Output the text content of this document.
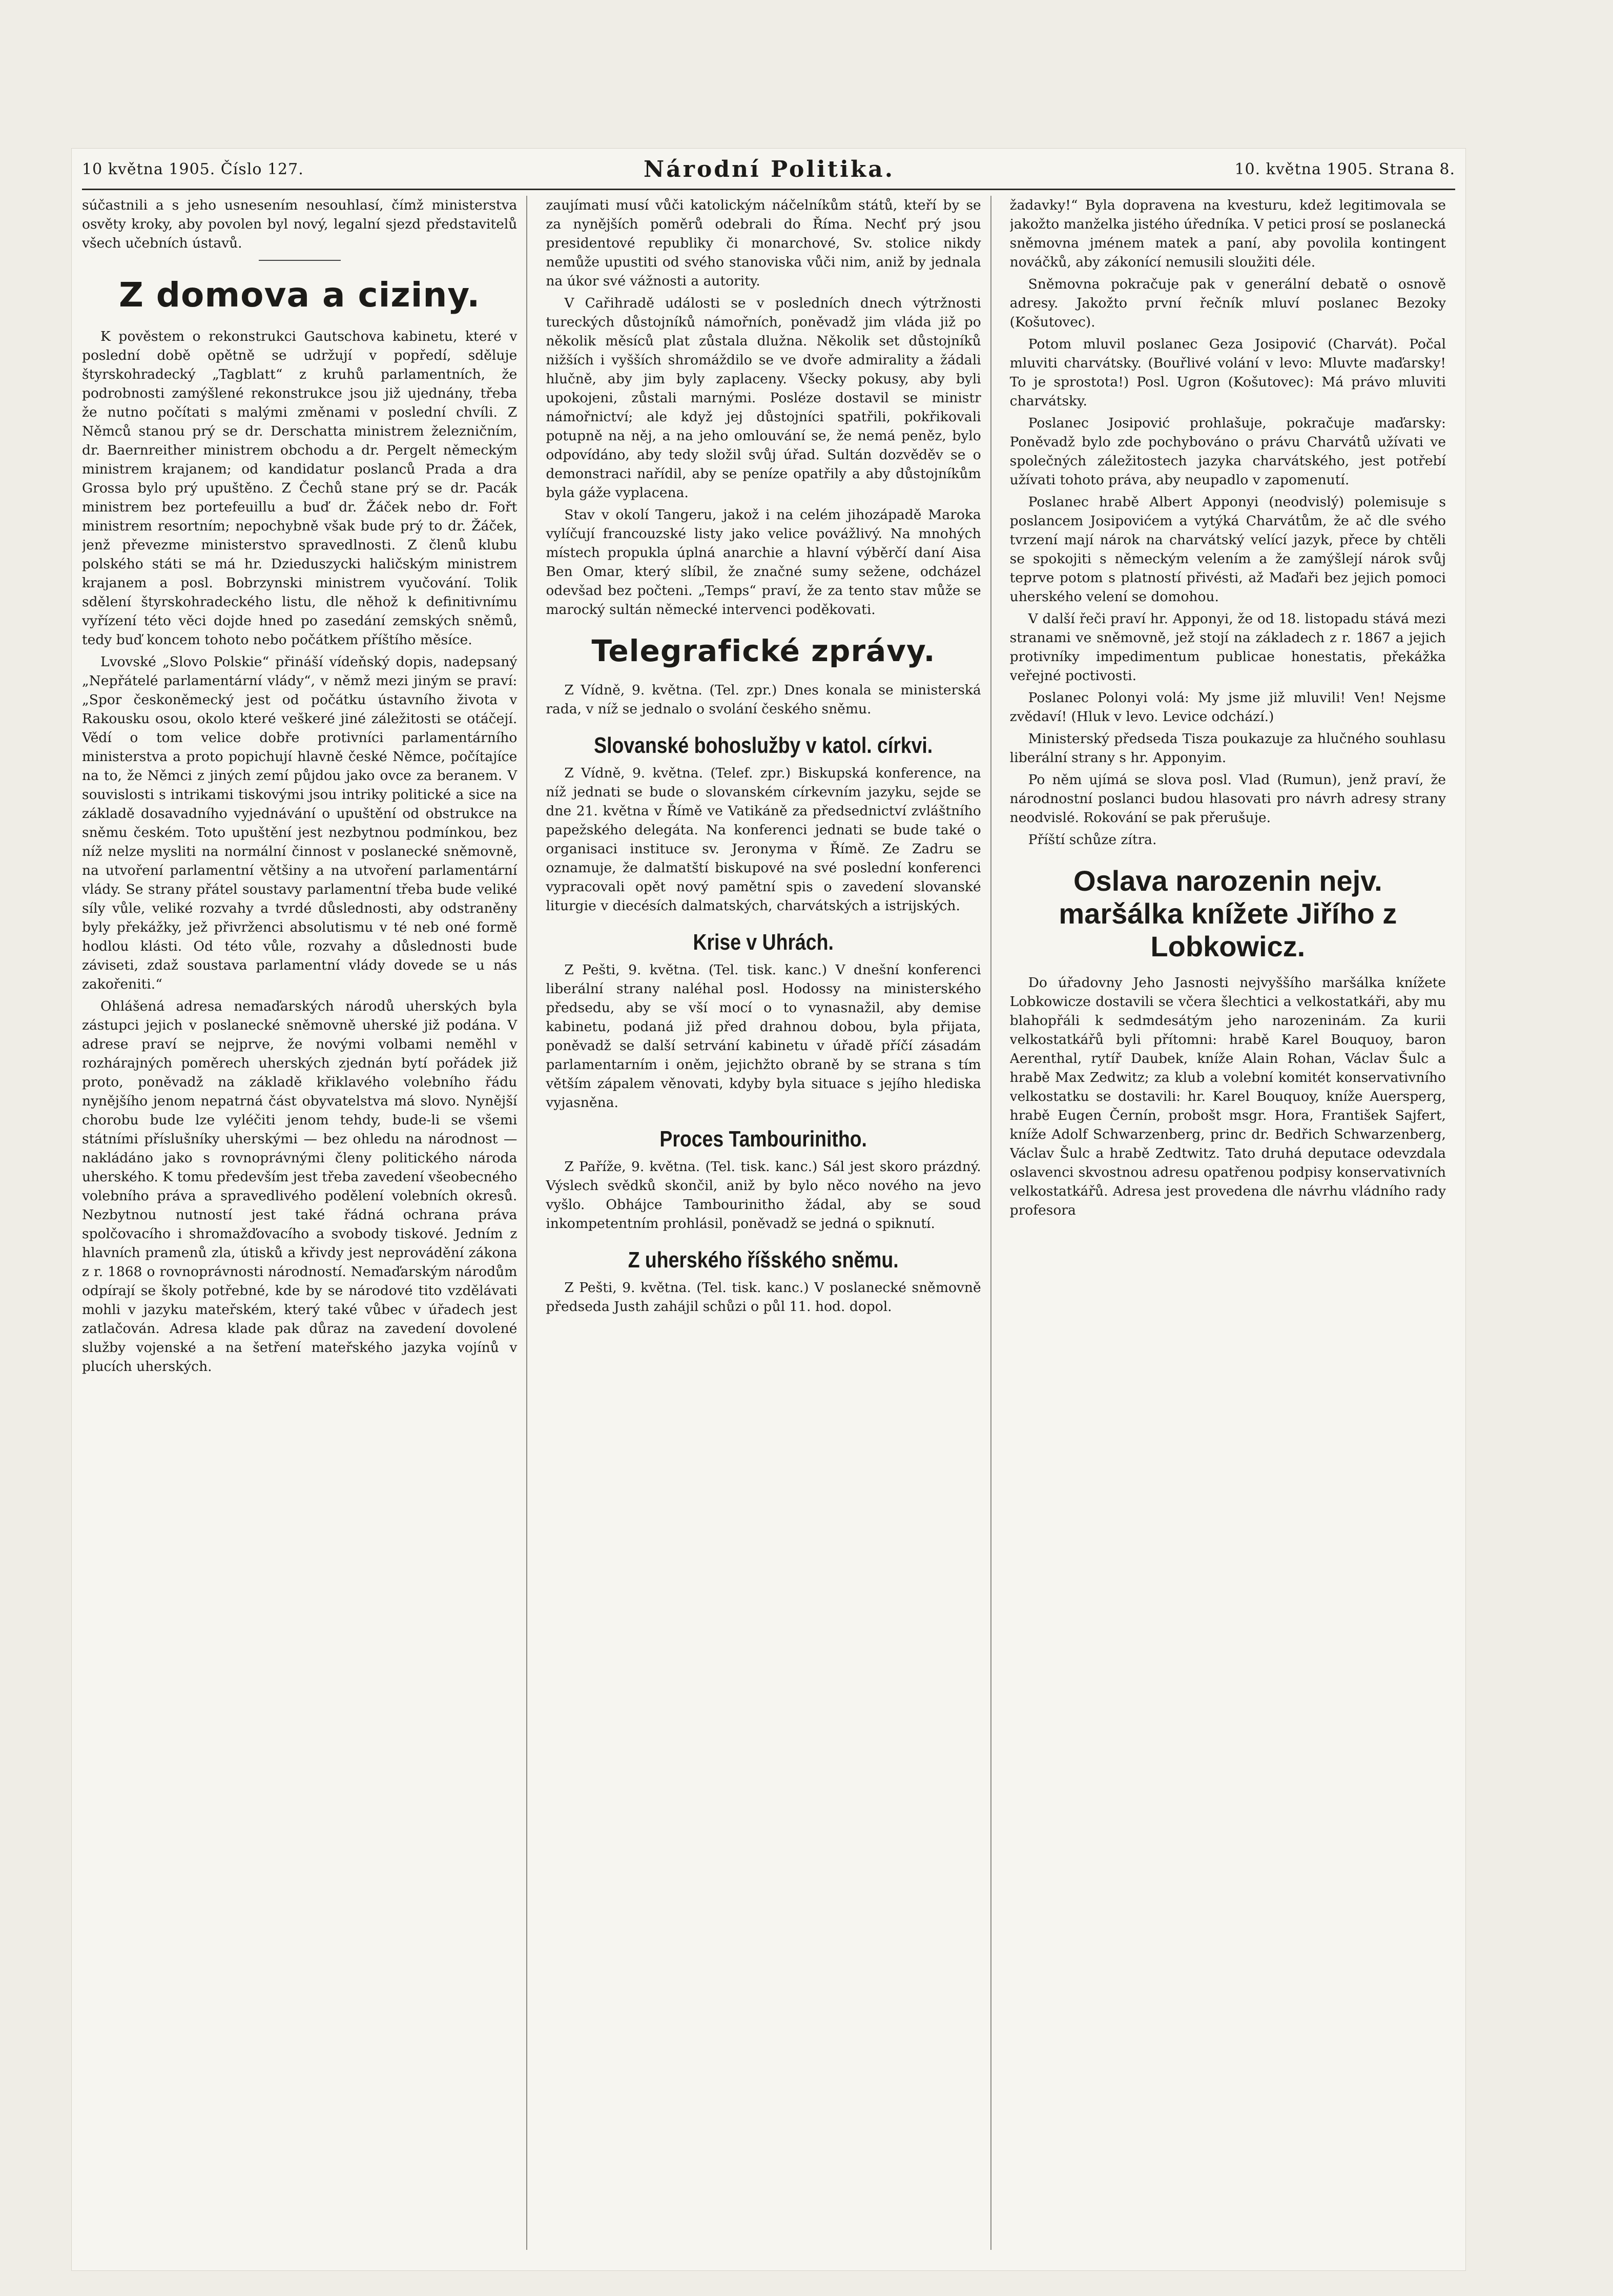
10 května 1905. Číslo 127.	Národní Politika.	10. května 1905. Strana 8.

súčastnili a s jeho usnesením nesouhlasí, čímž ministerstva osvěty kroky, aby povolen byl nový, legalní sjezd představitelů všech učebních ústavů.

Z domova a ciziny.

K pověstem o rekonstrukci Gautschova kabinetu, které v poslední době opětně se udržují v popředí, sděluje štyrskohradecký „Tagblatt“ z kruhů parlamentních, že podrobnosti zamýšlené rekonstrukce jsou již ujednány, třeba že nutno počítati s malými změnami v poslední chvíli. Z Němců stanou prý se dr. Derschatta ministrem železničním, dr. Baernreither ministrem obchodu a dr. Pergelt německým ministrem krajanem; od kandidatur poslanců Prada a dra Grossa bylo prý upuštěno. Z Čechů stane prý se dr. Pacák ministrem bez portefeuillu a buď dr. Žáček nebo dr. Fořt ministrem resortním; nepochybně však bude prý to dr. Žáček, jenž převezme ministerstvo spravedlnosti. Z členů klubu polského státi se má hr. Dzieduszycki haličským ministrem krajanem a posl. Bobrzynski ministrem vyučování. Tolik sdělení štyrskohradeckého listu, dle něhož k definitivnímu vyřízení této věci dojde hned po zasedání zemských sněmů, tedy buď koncem tohoto nebo počátkem příštího měsíce.

Lvovské „Slovo Polskie“ přináší vídeňský dopis, nadepsaný „Nepřátelé parlamentární vlády“, v němž mezi jiným se praví: „Spor českoněmecký jest od počátku ústavního života v Rakousku osou, okolo které veškeré jiné záležitosti se otáčejí. Vědí o tom velice dobře protivníci parlamentárního ministerstva a proto popichují hlavně české Němce, počítajíce na to, že Němci z jiných zemí půjdou jako ovce za beranem. V souvislosti s intrikami tiskovými jsou intriky politické a sice na základě dosavadního vyjednávání o upuštění od obstrukce na sněmu českém. Toto upuštění jest nezbytnou podmínkou, bez níž nelze mysliti na normální činnost v poslanecké sněmovně, na utvoření parlamentní většiny a na utvoření parlamentární vlády. Se strany přátel soustavy parlamentní třeba bude veliké síly vůle, veliké rozvahy a tvrdé důslednosti, aby odstraněny byly překážky, jež přivrženci absolutismu v té neb oné formě hodlou klásti. Od této vůle, rozvahy a důslednosti bude záviseti, zdaž soustava parlamentní vlády dovede se u nás zakořeniti.“

Ohlášená adresa nemaďarských národů uherských byla zástupci jejich v poslanecké sněmovně uherské již podána. V adrese praví se nejprve, že novými volbami neměhl v rozhárajných poměrech uherských zjednán bytí pořádek již proto, poněvadž na základě křiklavého volebního řádu nynějšího jenom nepatrná část obyvatelstva má slovo. Nynější chorobu bude lze vyléčiti jenom tehdy, bude-li se všemi státními příslušníky uherskými — bez ohledu na národnost — nakládáno jako s rovnoprávnými členy politického národa uherského. K tomu především jest třeba zavedení všeobecného volebního práva a spravedlivého podělení volebních okresů. Nezbytnou nutností jest také řádná ochrana práva spolčovacího i shromažďovacího a svobody tiskové. Jedním z hlavních pramenů zla, útisků a křivdy jest neprovádění zákona z r. 1868 o rovnoprávnosti národností. Nemaďarským národům odpírají se školy potřebné, kde by se národové tito vzdělávati mohli v jazyku mateřském, který také vůbec v úřadech jest zatlačován. Adresa klade pak důraz na zavedení dovolené služby vojenské a na šetření mateřského jazyka vojínů v plucích uherských.

zaujímati musí vůči katolickým náčelníkům států, kteří by se za nynějších poměrů odebrali do Říma. Nechť prý jsou presidentové republiky či monarchové, Sv. stolice nikdy nemůže upustiti od svého stanoviska vůči nim, aniž by jednala na úkor své vážnosti a autority.

V Cařihradě události se v posledních dnech výtržnosti tureckých důstojníků námořních, poněvadž jim vláda již po několik měsíců plat zůstala dlužna. Několik set důstojníků nižších i vyšších shromáždilo se ve dvoře admirality a žádali hlučně, aby jim byly zaplaceny. Všecky pokusy, aby byli upokojeni, zůstali marnými. Posléze dostavil se ministr námořnictví; ale když jej důstojníci spatřili, pokřikovali potupně na něj, a na jeho omlouvání se, že nemá peněz, bylo odpovídáno, aby tedy složil svůj úřad. Sultán dozvěděv se o demonstraci nařídil, aby se peníze opatřily a aby důstojníkům byla gáže vyplacena.

Stav v okolí Tangeru, jakož i na celém jihozápadě Maroka vylíčují francouzské listy jako velice povážlivý. Na mnohých místech propukla úplná anarchie a hlavní výběrčí daní Aisa Ben Omar, který slíbil, že značné sumy sežene, odcházel odevšad bez počteni. „Temps“ praví, že za tento stav může se marocký sultán německé intervenci poděkovati.

Telegrafické zprávy.

Z Vídně, 9. května. (Tel. zpr.) Dnes konala se ministerská rada, v níž se jednalo o svolání českého sněmu.

Slovanské bohoslužby v katol. církvi.

Z Vídně, 9. května. (Telef. zpr.) Biskupská konference, na níž jednati se bude o slovanském církevním jazyku, sejde se dne 21. května v Římě ve Vatikáně za předsednictví zvláštního papežského delegáta. Na konferenci jednati se bude také o organisaci instituce sv. Jeronyma v Římě. Ze Zadru se oznamuje, že dalmatští biskupové na své poslední konferenci vypracovali opět nový pamětní spis o zavedení slovanské liturgie v diecésích dalmatských, charvátských a istrijských.

Krise v Uhrách.

Z Pešti, 9. května. (Tel. tisk. kanc.) V dnešní konferenci liberální strany naléhal posl. Hodossy na ministerského předsedu, aby se vší mocí o to vynasnažil, aby demise kabinetu, podaná již před drahnou dobou, byla přijata, poněvadž se další setrvání kabinetu v úřadě příčí zásadám parlamentarním i oněm, jejichžto obraně by se strana s tím větším zápalem věnovati, kdyby byla situace s jejího hlediska vyjasněna.

Proces Tambourinitho.

Z Paříže, 9. května. (Tel. tisk. kanc.) Sál jest skoro prázdný. Výslech svědků skončil, aniž by bylo něco nového na jevo vyšlo. Obhájce Tambourinitho žádal, aby se soud inkompetentním prohlásil, poněvadž se jedná o spiknutí.

Z uherského říšského sněmu.

Z Pešti, 9. května. (Tel. tisk. kanc.) V poslanecké sněmovně předseda Justh zahájil schůzi o půl 11. hod. dopol.

žadavky!“ Byla dopravena na kvesturu, kdež legitimovala se jakožto manželka jistého úředníka. V petici prosí se poslanecká sněmovna jménem matek a paní, aby povolila kontingent nováčků, aby zákonící nemusili sloužiti déle.

Sněmovna pokračuje pak v generální debatě o osnově adresy. Jakožto první řečník mluví poslanec Bezoky (Košutovec).

Potom mluvil poslanec Geza Josipović (Charvát). Počal mluviti charvátsky. (Bouřlivé volání v levo: Mluvte maďarsky! To je sprostota!) Posl. Ugron (Košutovec): Má právo mluviti charvátsky.

Poslanec Josipović prohlašuje, pokračuje maďarsky: Poněvadž bylo zde pochybováno o právu Charvátů užívati ve společných záležitostech jazyka charvátského, jest potřebí užívati tohoto práva, aby neupadlo v zapomenutí.

Poslanec hrabě Albert Apponyi (neodvislý) polemisuje s poslancem Josipovićem a vytýká Charvátům, že ač dle svého tvrzení mají nárok na charvátský velící jazyk, přece by chtěli se spokojiti s německým velením a že zamýšlejí nárok svůj teprve potom s platností přivésti, až Maďaři bez jejich pomoci uherského velení se domohou.

V další řeči praví hr. Apponyi, že od 18. listopadu stává mezi stranami ve sněmovně, jež stojí na základech z r. 1867 a jejich protivníky impedimentum publicae honestatis, překážka veřejné poctivosti.

Poslanec Polonyi volá: My jsme již mluvili! Ven! Nejsme zvědaví! (Hluk v levo. Levice odchází.)

Ministerský předseda Tisza poukazuje za hlučného souhlasu liberální strany s hr. Apponyim.

Po něm ujímá se slova posl. Vlad (Rumun), jenž praví, že národnostní poslanci budou hlasovati pro návrh adresy strany neodvislé. Rokování se pak přerušuje.

Příští schůze zítra.

Oslava narozenin nejv. maršálka knížete Jiřího z Lobkowicz.

Do úřadovny Jeho Jasnosti nejvyššího maršálka knížete Lobkowicze dostavili se včera šlechtici a velkostatkáři, aby mu blahopřáli k sedmdesátým jeho narozeninám. Za kurii velkostatkářů byli přítomni: hrabě Karel Bouquoy, baron Aerenthal, rytíř Daubek, kníže Alain Rohan, Václav Šulc a hrabě Max Zedwitz; za klub a volební komitét konservativního velkostatku se dostavili: hr. Karel Bouquoy, kníže Auersperg, hrabě Eugen Černín, probošt msgr. Hora, František Sajfert, kníže Adolf Schwarzenberg, princ dr. Bedřich Schwarzenberg, Václav Šulc a hrabě Zedtwitz. Tato druhá deputace odevzdala oslavenci skvostnou adresu opatřenou podpisy konservativních velkostatkářů. Adresa jest provedena dle návrhu vládního rady profesora
